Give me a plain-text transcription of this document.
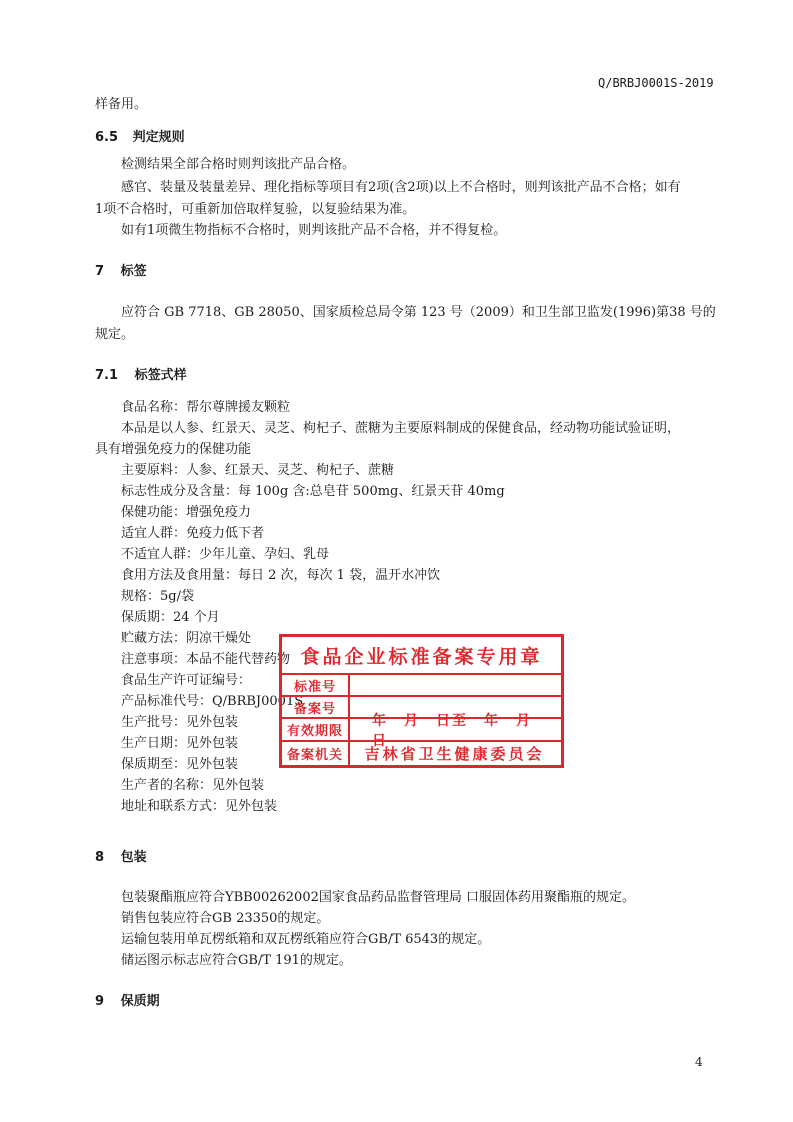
Q/BRBJ0001S-2019
样备用。
6.5 判定规则
检测结果全部合格时则判该批产品合格。
感官、装量及装量差异、理化指标等项目有2项(含2项)以上不合格时，则判该批产品不合格；如有
1项不合格时，可重新加倍取样复验，以复验结果为准。
如有1项微生物指标不合格时，则判该批产品不合格，并不得复检。
7 标签
应符合 GB 7718、GB 28050、国家质检总局令第 123 号（2009）和卫生部卫监发(1996)第38 号的
规定。
7.1 标签式样
食品名称：帮尔尊牌援友颗粒
本品是以人参、红景天、灵芝、枸杞子、蔗糖为主要原料制成的保健食品，经动物功能试验证明，
具有增强免疫力的保健功能
主要原料：人参、红景天、灵芝、枸杞子、蔗糖
标志性成分及含量：每 100g 含:总皂苷 500mg、红景天苷 40mg
保健功能：增强免疫力
适宜人群：免疫力低下者
不适宜人群：少年儿童、孕妇、乳母
食用方法及食用量：每日 2 次，每次 1 袋，温开水冲饮
规格：5g/袋
保质期：24 个月
贮藏方法：阴凉干燥处
注意事项：本品不能代替药物
食品生产许可证编号：
产品标准代号：Q/BRBJ0001S
生产批号：见外包装
生产日期：见外包装
保质期至：见外包装
生产者的名称：见外包装
地址和联系方式：见外包装
8 包装
包装聚酯瓶应符合YBB00262002国家食品药品监督管理局 口服固体药用聚酯瓶的规定。
销售包装应符合GB 23350的规定。
运输包装用单瓦楞纸箱和双瓦楞纸箱应符合GB/T 6543的规定。
储运图示标志应符合GB/T 191的规定。
9 保质期
4
食品企业标准备案专用章
标准号
备案号
有效期限
年　月　日至　年　月　日
备案机关	吉林省卫生健康委员会
